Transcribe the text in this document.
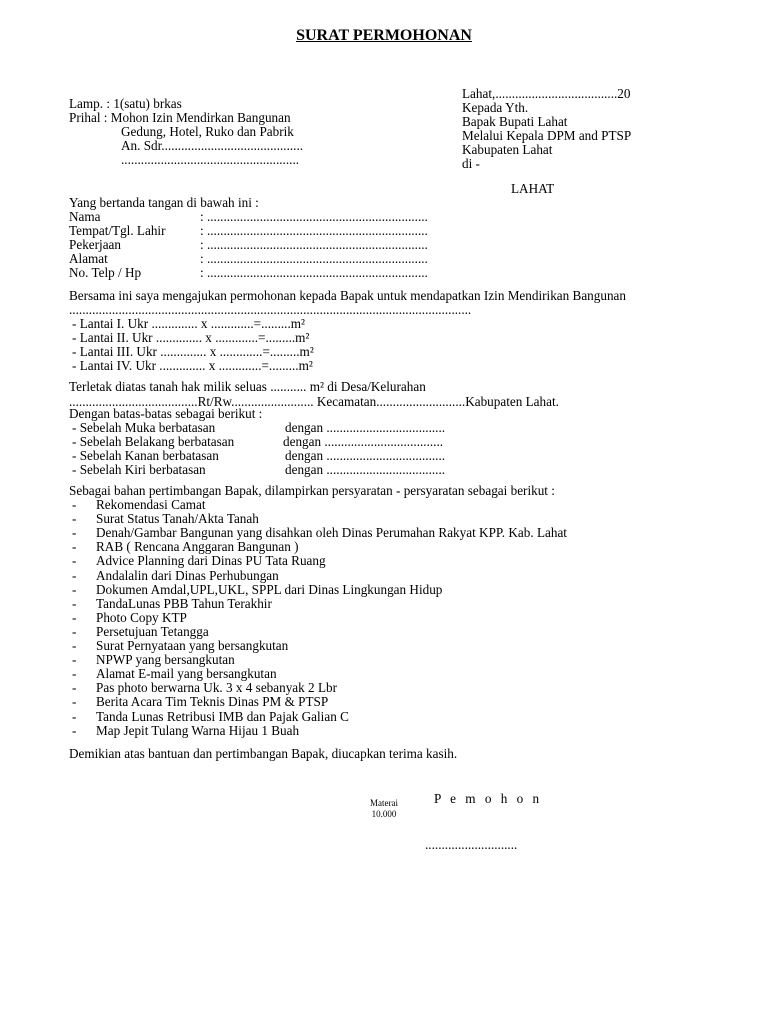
SURAT PERMOHONAN
Lahat,.....................................20
Kepada Yth.
Bapak Bupati Lahat
Melalui Kepala DPM and PTSP
Kabupaten Lahat
di -
LAHAT
Lamp. : 1(satu) brkas
Prihal : Mohon Izin Mendirkan Bangunan
Gedung, Hotel, Ruko dan Pabrik
An. Sdr...........................................
......................................................
Yang bertanda tangan di bawah ini :
Nama	: ...................................................................
Tempat/Tgl. Lahir	: ...................................................................
Pekerjaan	: ...................................................................
Alamat	: ...................................................................
No. Telp / Hp	: ...................................................................
Bersama ini saya mengajukan permohonan kepada Bapak untuk mendapatkan Izin Mendirikan Bangunan
..........................................................................................................................
- Lantai I. Ukr .............. x .............=.........m²
- Lantai II. Ukr .............. x .............=.........m²
- Lantai III. Ukr .............. x .............=.........m²
- Lantai IV. Ukr .............. x .............=.........m²
Terletak diatas tanah hak milik seluas ........... m² di Desa/Kelurahan
.......................................Rt/Rw......................... Kecamatan...........................Kabupaten Lahat.
Dengan batas-batas sebagai berikut :
- Sebelah Muka berbatasan	dengan ....................................
- Sebelah Belakang berbatasan	dengan ....................................
- Sebelah Kanan berbatasan	dengan ....................................
- Sebelah Kiri berbatasan	dengan ....................................
Sebagai bahan pertimbangan Bapak, dilampirkan persyaratan - persyaratan sebagai berikut :
- Rekomendasi Camat
- Surat Status Tanah/Akta Tanah
- Denah/Gambar Bangunan yang disahkan oleh Dinas Perumahan Rakyat KPP. Kab. Lahat
- RAB ( Rencana Anggaran Bangunan )
- Advice Planning dari Dinas PU Tata Ruang
- Andalalin dari Dinas Perhubungan
- Dokumen Amdal,UPL,UKL, SPPL dari Dinas Lingkungan Hidup
- TandaLunas PBB Tahun Terakhir
- Photo Copy KTP
- Persetujuan Tetangga
- Surat Pernyataan yang bersangkutan
- NPWP yang bersangkutan
- Alamat E-mail yang bersangkutan
- Pas photo berwarna Uk. 3 x 4 sebanyak 2 Lbr
- Berita Acara Tim Teknis Dinas PM & PTSP
- Tanda Lunas Retribusi IMB dan Pajak Galian C
- Map Jepit Tulang Warna Hijau 1 Buah
Demikian atas bantuan dan pertimbangan Bapak, diucapkan terima kasih.
Materai
10.000
P e m o h o n
............................
